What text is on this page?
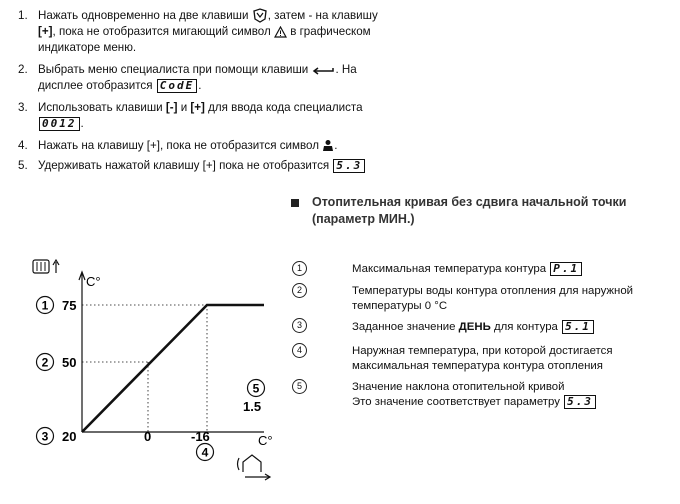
1. Нажать одновременно на две клавиши , затем - на клавишу
[+], пока не отобразится мигающий символ  в графическом
индикаторе меню.
2. Выбрать меню специалиста при помощи клавиши . На
дисплее отобразится CodE .
3. Использовать клавиши [-] и [+] для ввода кода специалиста
0012 .
4. Нажать на клавишу [+], пока не отобразится символ .
5. Удерживать нажатой клавишу [+] пока не отобразится 5.3
Отопительная кривая без сдвига начальной точки
(параметр МИН.)
1	Максимальная температура контура P.1
2	Температуры воды контура отопления для наружной
температуры 0 °C
3	Заданное значение ДЕНЬ для контура 5.1
4	Наружная температура, при которой достигается
максимальная температура контура отопления
5	Значение наклона отопительной кривой
Это значение соответствует параметру 5.3
C°
C°
75
50
20	0	-16
1
2
3
4
5
1.5
